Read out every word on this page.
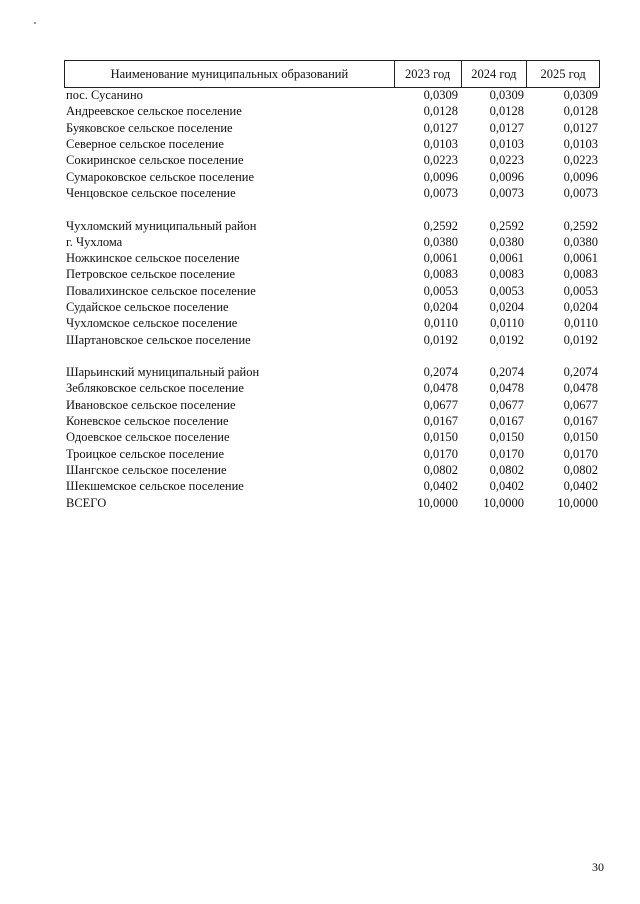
Наименование муниципальных образований	2023 год	2024 год	2025 год
пос. Сусанино	0,0309	0,0309	0,0309
Андреевское сельское поселение	0,0128	0,0128	0,0128
Буяковское сельское поселение	0,0127	0,0127	0,0127
Северное сельское поселение	0,0103	0,0103	0,0103
Сокиринское сельское поселение	0,0223	0,0223	0,0223
Сумароковское сельское поселение	0,0096	0,0096	0,0096
Ченцовское сельское поселение	0,0073	0,0073	0,0073
Чухломский муниципальный район	0,2592	0,2592	0,2592
г. Чухлома	0,0380	0,0380	0,0380
Ножкинское сельское поселение	0,0061	0,0061	0,0061
Петровское сельское поселение	0,0083	0,0083	0,0083
Повалихинское сельское поселение	0,0053	0,0053	0,0053
Судайское сельское поселение	0,0204	0,0204	0,0204
Чухломское сельское поселение	0,0110	0,0110	0,0110
Шартановское сельское поселение	0,0192	0,0192	0,0192
Шарьинский муниципальный район	0,2074	0,2074	0,2074
Зебляковское сельское поселение	0,0478	0,0478	0,0478
Ивановское сельское поселение	0,0677	0,0677	0,0677
Коневское сельское поселение	0,0167	0,0167	0,0167
Одоевское сельское поселение	0,0150	0,0150	0,0150
Троицкое сельское поселение	0,0170	0,0170	0,0170
Шангское сельское поселение	0,0802	0,0802	0,0802
Шекшемское сельское поселение	0,0402	0,0402	0,0402
ВСЕГО	10,0000	10,0000	10,0000
30
